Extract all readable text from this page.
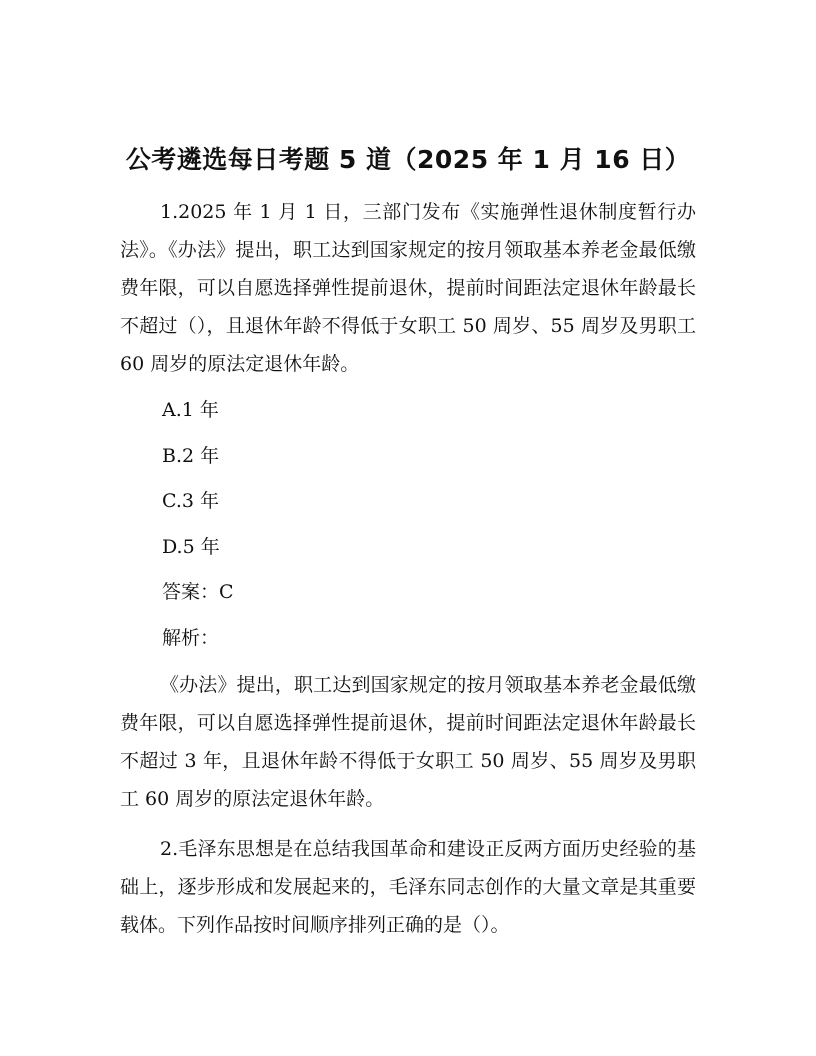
公考遴选每日考题 5 道（2025 年 1 月 16 日）

1.2025 年 1 月 1 日，三部门发布《实施弹性退休制度暂行办法》。《办法》提出，职工达到国家规定的按月领取基本养老金最低缴费年限，可以自愿选择弹性提前退休，提前时间距法定退休年龄最长不超过（），且退休年龄不得低于女职工 50 周岁、55 周岁及男职工 60 周岁的原法定退休年龄。

A.1 年

B.2 年

C.3 年

D.5 年

答案：C

解析：

《办法》提出，职工达到国家规定的按月领取基本养老金最低缴费年限，可以自愿选择弹性提前退休，提前时间距法定退休年龄最长不超过 3 年，且退休年龄不得低于女职工 50 周岁、55 周岁及男职工 60 周岁的原法定退休年龄。

2.毛泽东思想是在总结我国革命和建设正反两方面历史经验的基础上，逐步形成和发展起来的，毛泽东同志创作的大量文章是其重要载体。下列作品按时间顺序排列正确的是（）。
